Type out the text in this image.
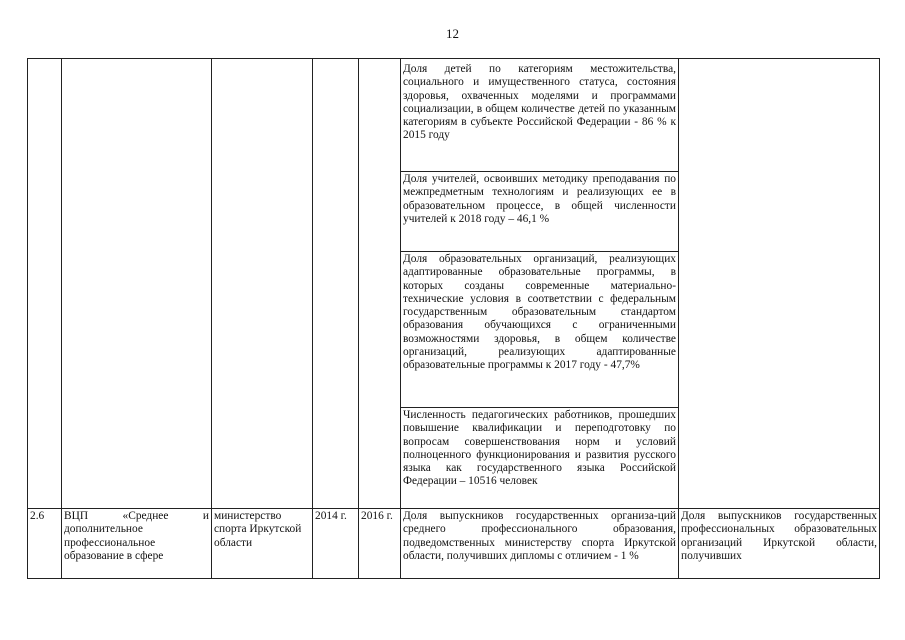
12
					Доля детей по категориям местожительства, социального и имущественного статуса, состояния здоровья, охваченных моделями и программами социализации, в общем количестве детей по указанным категориям в субъекте Российской Федерации - 86 % к 2015 году	
					Доля учителей, освоивших методику преподавания по межпредметным технологиям и реализующих ее в образовательном процессе, в общей численности учителей к 2018 году – 46,1 %	
					Доля образовательных организаций, реализующих адаптированные образовательные программы, в которых созданы современные материально-технические условия в соответствии с федеральным государственным образовательным стандартом образования обучающихся с ограниченными возможностями здоровья, в общем количестве организаций, реализующих адаптированные образовательные программы к 2017 году - 47,7%	
					Численность педагогических работников, прошедших повышение квалификации и переподготовку по вопросам совершенствования норм и условий полноценного функционирования и развития русского языка как государственного языка Российской Федерации – 10516 человек	
2.6	ВЦП «Среднее и дополнительное профессиональное образование в сфере	министерство спорта Иркутской области	2014 г.	2016 г.	Доля выпускников государственных организа-ций среднего профессионального образования, подведомственных министерству спорта Иркутской области, получивших дипломы с отличием - 1 %	Доля выпускников государственных профессиональных образовательных организаций Иркутской области, получивших
